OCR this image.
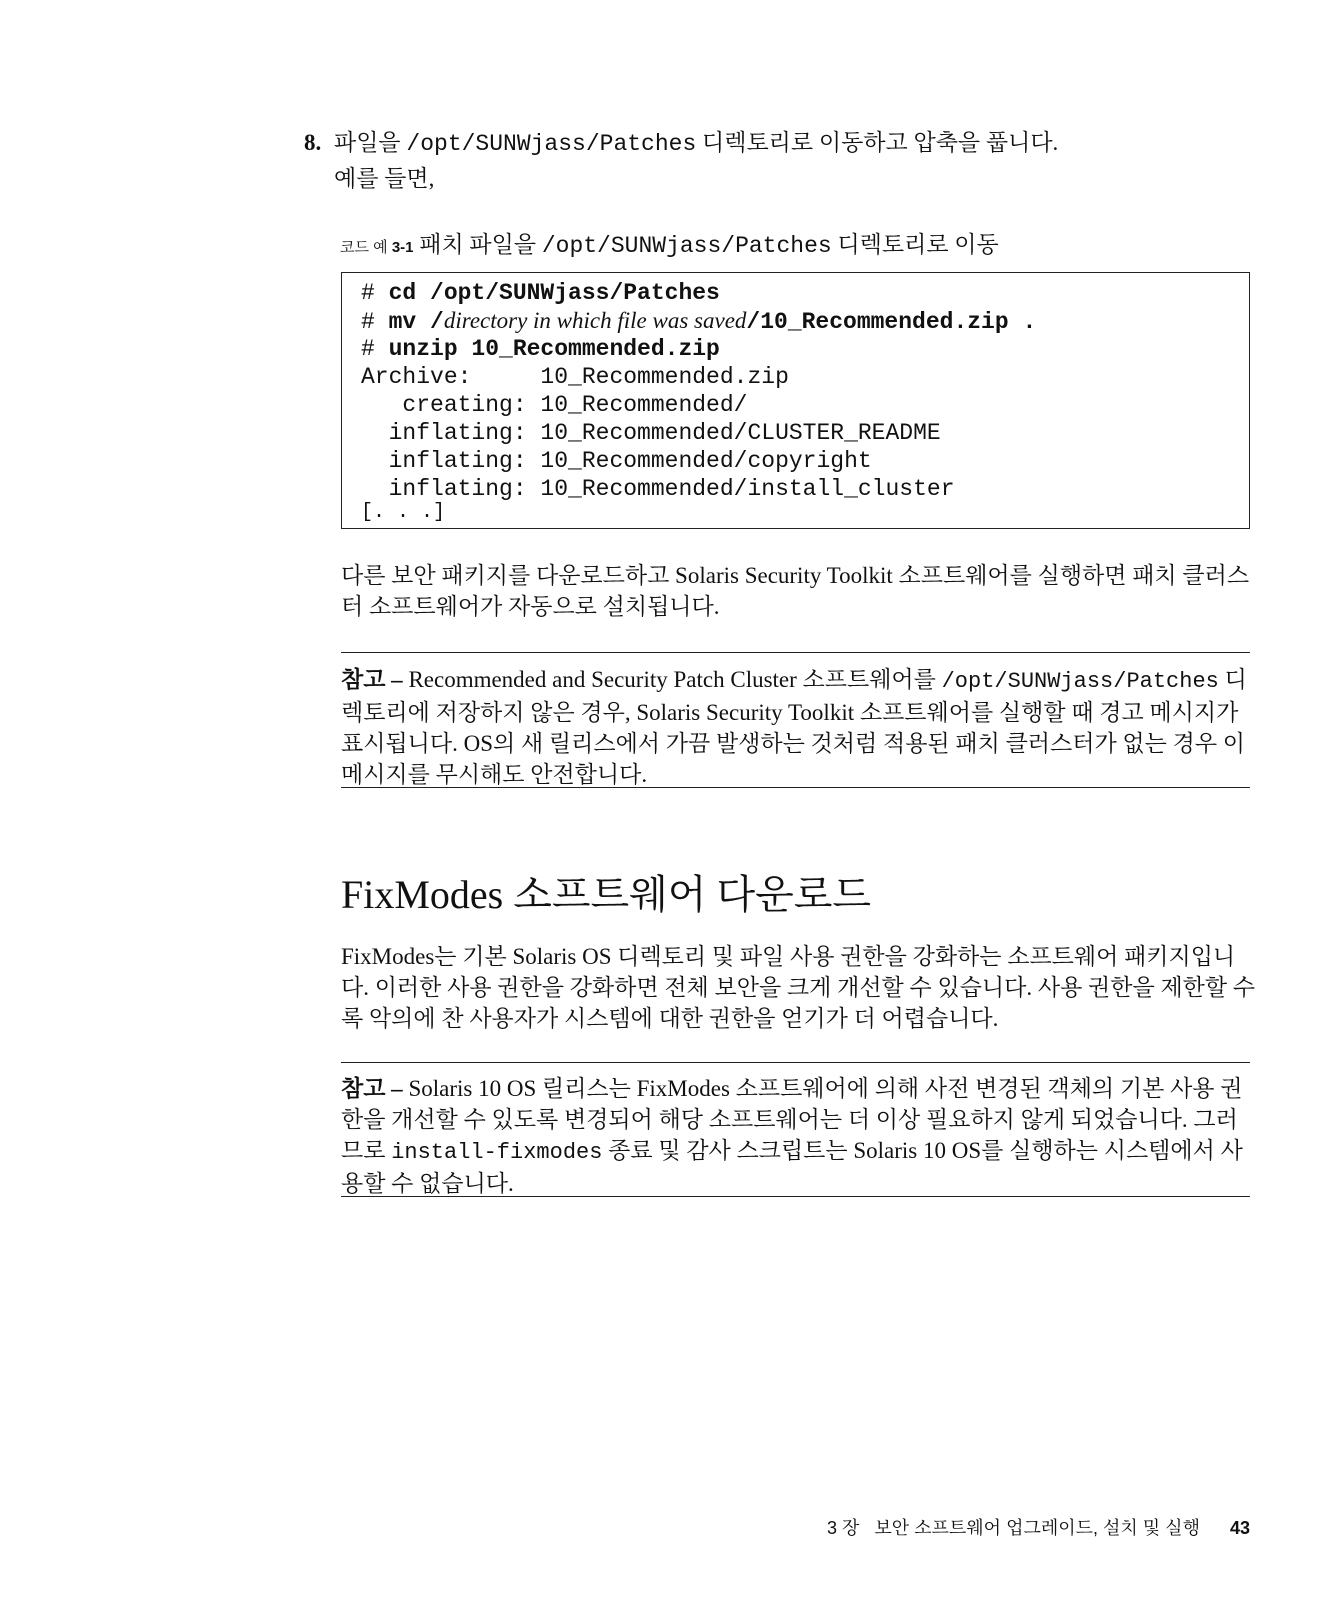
8. 파일을 /opt/SUNWjass/Patches 디렉토리로 이동하고 압축을 풉니다.
예를 들면,
코드 예 3-1 패치 파일을 /opt/SUNWjass/Patches 디렉토리로 이동
# cd /opt/SUNWjass/Patches
# mv /directory in which file was saved/10_Recommended.zip .
# unzip 10_Recommended.zip
Archive:     10_Recommended.zip
creating: 10_Recommended/
inflating: 10_Recommended/CLUSTER_README
inflating: 10_Recommended/copyright
inflating: 10_Recommended/install_cluster
[. . .]
다른 보안 패키지를 다운로드하고 Solaris Security Toolkit 소프트웨어를 실행하면 패치 클러스터 소프트웨어가 자동으로 설치됩니다.
참고 – Recommended and Security Patch Cluster 소프트웨어를 /opt/SUNWjass/Patches 디렉토리에 저장하지 않은 경우, Solaris Security Toolkit 소프트웨어를 실행할 때 경고 메시지가 표시됩니다. OS의 새 릴리스에서 가끔 발생하는 것처럼 적용된 패치 클러스터가 없는 경우 이 메시지를 무시해도 안전합니다.
FixModes 소프트웨어 다운로드
FixModes는 기본 Solaris OS 디렉토리 및 파일 사용 권한을 강화하는 소프트웨어 패키지입니다. 이러한 사용 권한을 강화하면 전체 보안을 크게 개선할 수 있습니다. 사용 권한을 제한할 수록 악의에 찬 사용자가 시스템에 대한 권한을 얻기가 더 어렵습니다.
참고 – Solaris 10 OS 릴리스는 FixModes 소프트웨어에 의해 사전 변경된 객체의 기본 사용 권한을 개선할 수 있도록 변경되어 해당 소프트웨어는 더 이상 필요하지 않게 되었습니다. 그러므로 install-fixmodes 종료 및 감사 스크립트는 Solaris 10 OS를 실행하는 시스템에서 사용할 수 없습니다.
3 장   보안 소프트웨어 업그레이드, 설치 및 실행 43
